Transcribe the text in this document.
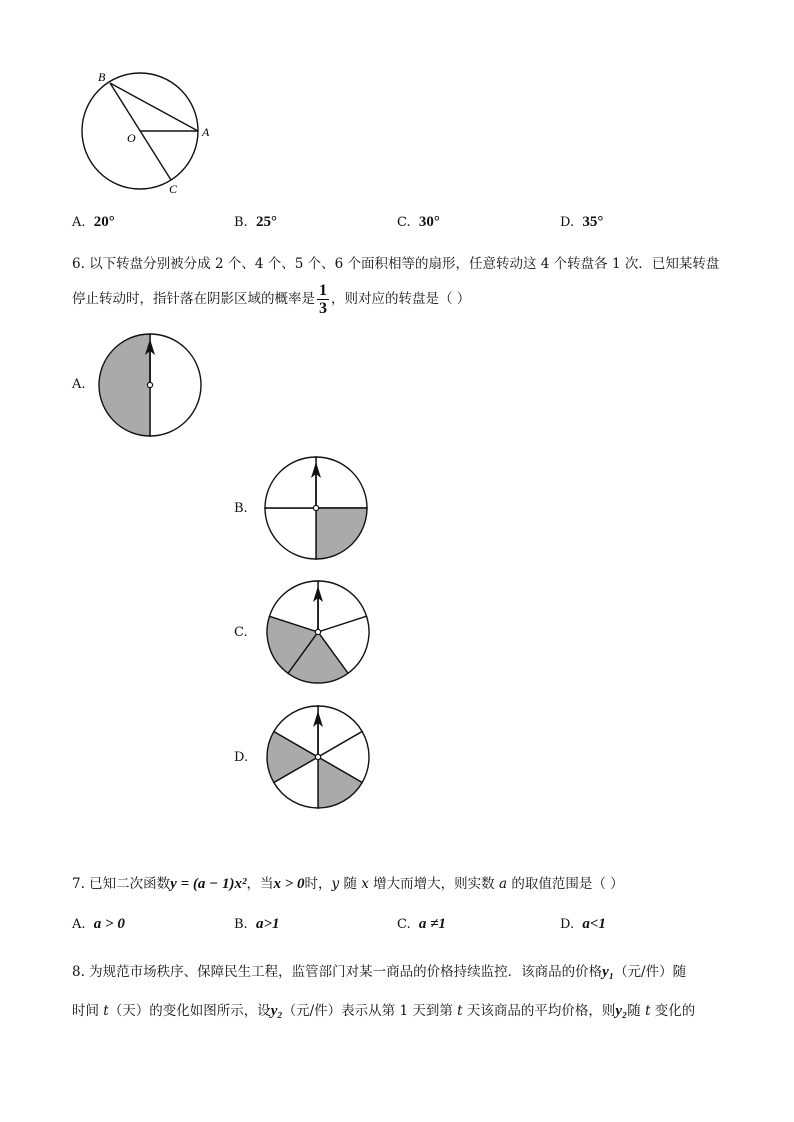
B
O	A
C
A. 20°	B. 25°	C. 30°	D. 35°
6. 以下转盘分别被分成 2 个、4 个、5 个、6 个面积相等的扇形，任意转动这 4 个转盘各 1 次．已知某转盘
停止转动时，指针落在阴影区域的概率是 $\frac{1}{3}$ ，则对应的转盘是（ ）
A.
B.
C.
D.
7. 已知二次函数y = (a − 1)x²，当x > 0时，y 随 x 增大而增大，则实数 a 的取值范围是（ ）
A. a > 0	B. a>1	C. a ≠1	D. a<1
8. 为规范市场秩序、保障民生工程，监管部门对某一商品的价格持续监控．该商品的价格y₁（元/件）随
时间 t（天）的变化如图所示，设y₂（元/件）表示从第 1 天到第 t 天该商品的平均价格，则y₂随 t 变化的
